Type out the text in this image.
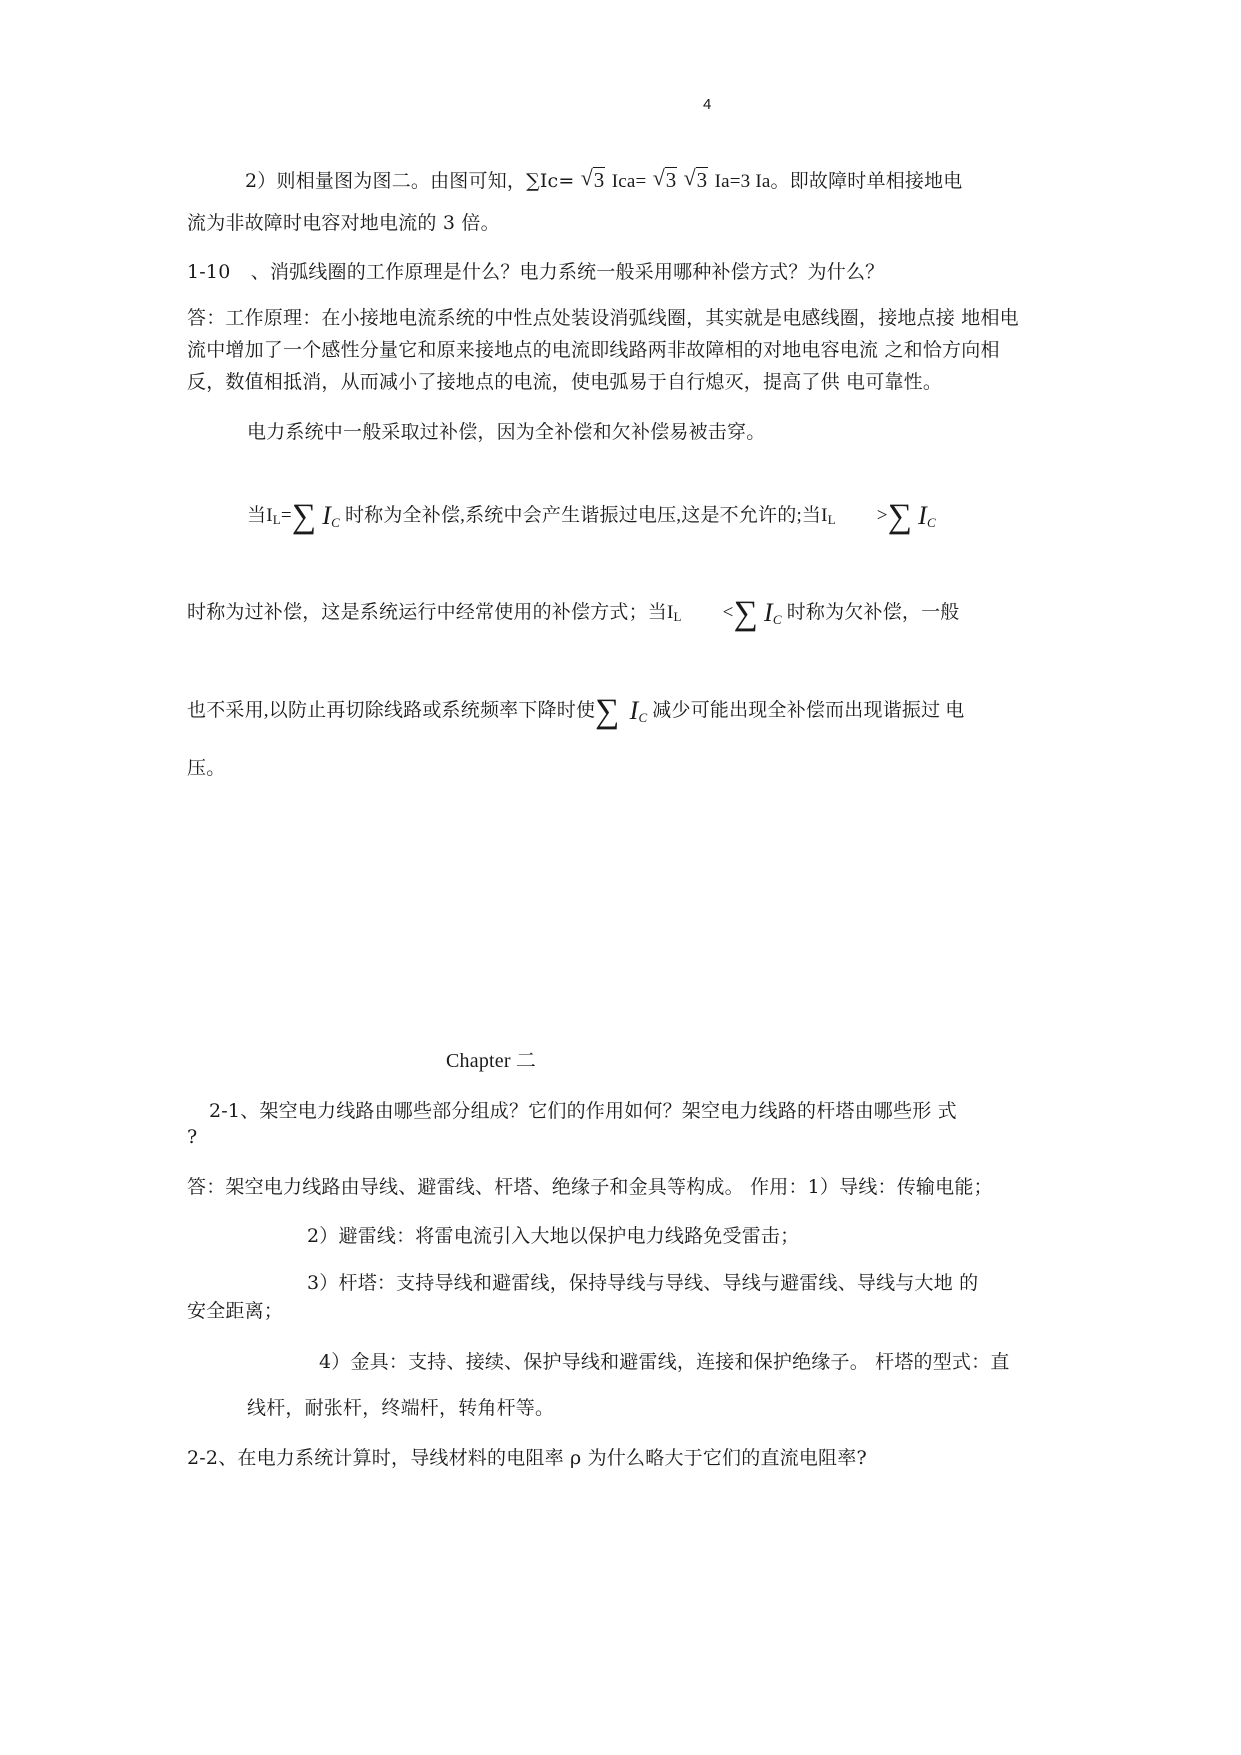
4
2）则相量图为图二。由图可知，∑Ic= √ 3 Ica= √ 3 √ 3 Ia=3 Ia。即故障时单相接地电
流为非故障时电容对地电流的 3 倍。
1-10 、消弧线圈的工作原理是什么？电力系统一般采用哪种补偿方式？为什么？
答：工作原理：在小接地电流系统的中性点处装设消弧线圈，其实就是电感线圈，接地点接 地相电
流中增加了一个感性分量它和原来接地点的电流即线路两非故障相的对地电容电流 之和恰方向相
反，数值相抵消，从而减小了接地点的电流，使电弧易于自行熄灭，提高了供 电可靠性。
电力系统中一般采取过补偿，因为全补偿和欠补偿易被击穿。
当IL=∑ $I_C$ 时称为全补偿,系统中会产生谐振过电压,这是不允许的;当IL >∑ $I_C$
时称为过补偿，这是系统运行中经常使用的补偿方式；当IL <∑ $I_C$ 时称为欠补偿，一般
也不采用,以防止再切除线路或系统频率下降时使∑ $I_C$ 减少可能出现全补偿而出现谐振过 电
压。
Chapter 二
2-1、架空电力线路由哪些部分组成？它们的作用如何？架空电力线路的杆塔由哪些形 式
?
答：架空电力线路由导线、避雷线、杆塔、绝缘子和金具等构成。 作用：1）导线：传输电能；
2）避雷线：将雷电流引入大地以保护电力线路免受雷击；
3）杆塔：支持导线和避雷线，保持导线与导线、导线与避雷线、导线与大地 的
安全距离；
4）金具：支持、接续、保护导线和避雷线，连接和保护绝缘子。 杆塔的型式：直
线杆，耐张杆，终端杆，转角杆等。
2-2、在电力系统计算时，导线材料的电阻率 ρ 为什么略大于它们的直流电阻率?
